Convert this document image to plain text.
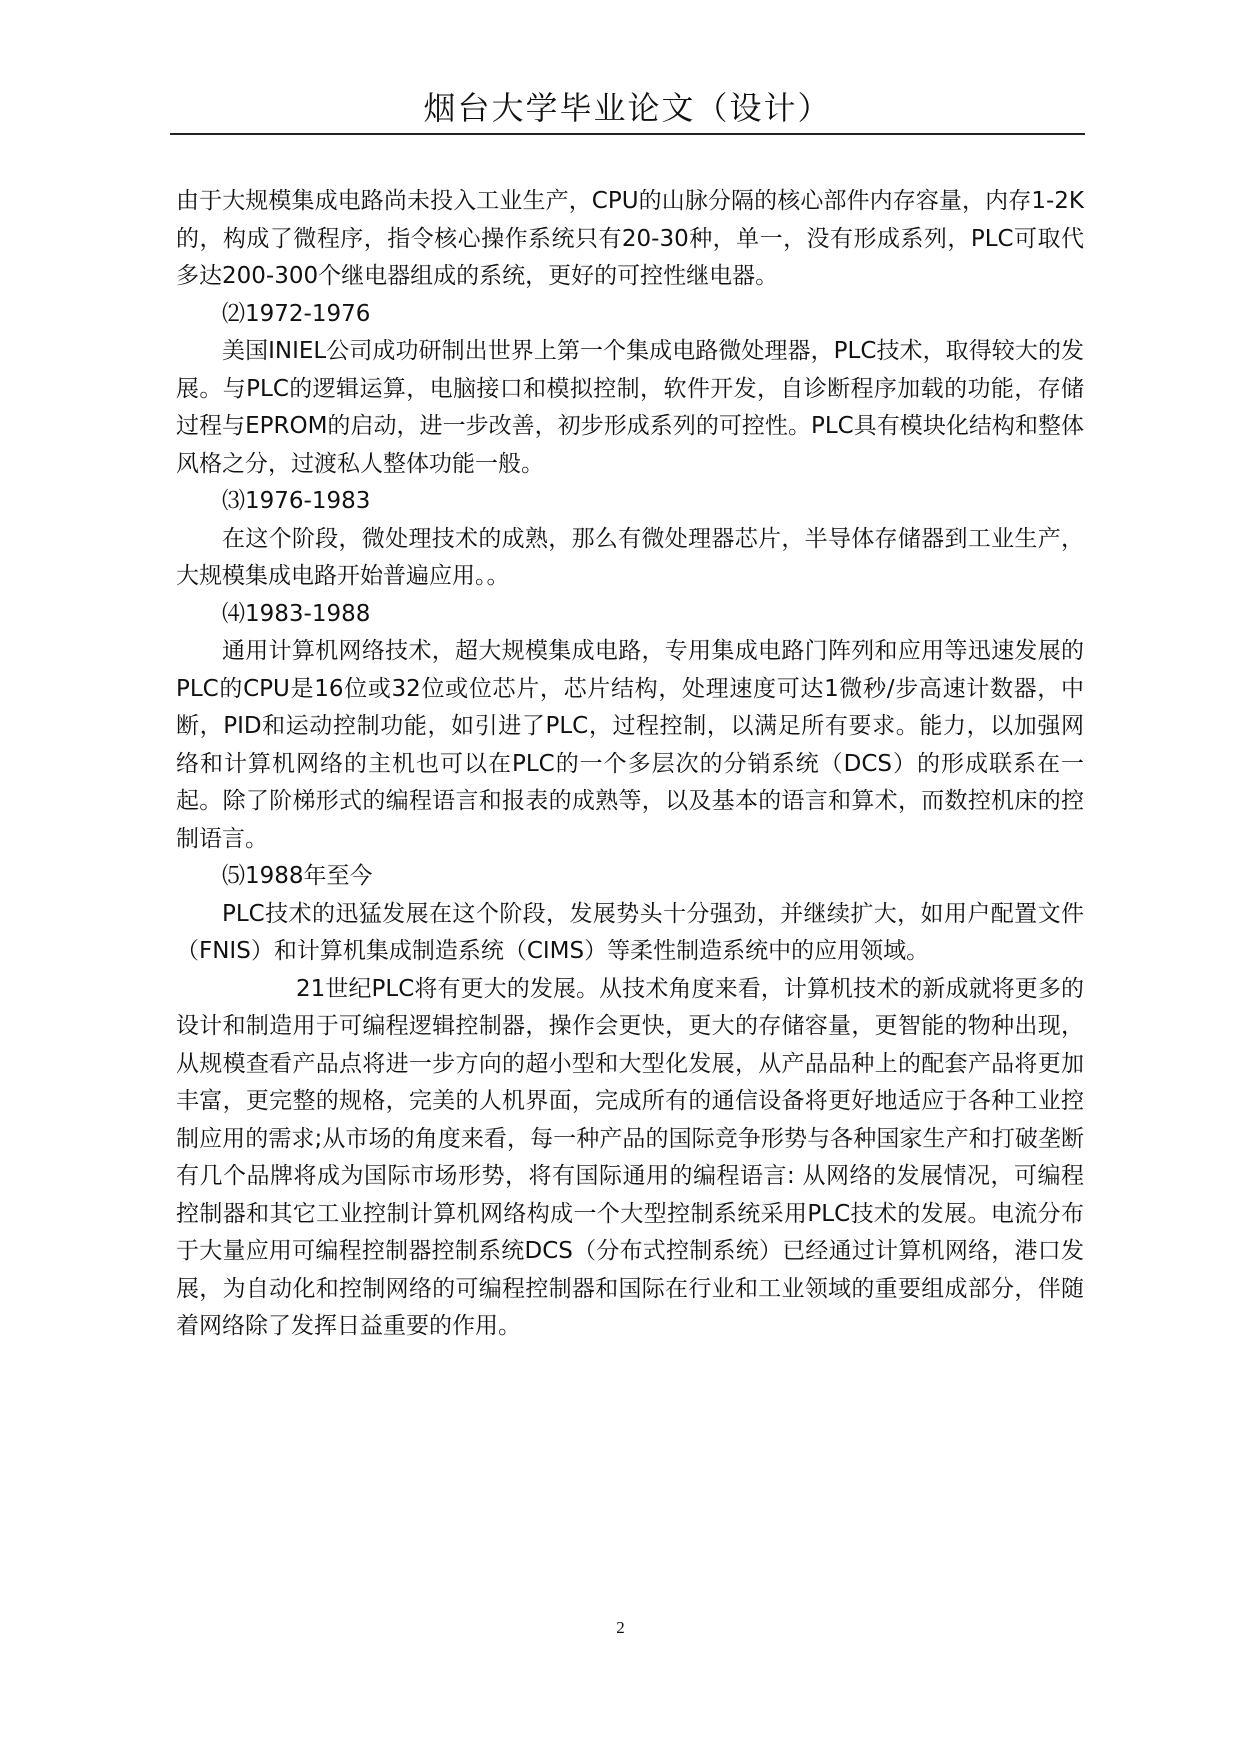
烟台大学毕业论文（设计）

由于大规模集成电路尚未投入工业生产，CPU的山脉分隔的核心部件内存容量，内存1-2K的，构成了微程序，指令核心操作系统只有20-30种，单一，没有形成系列，PLC可取代多达200-300个继电器组成的系统，更好的可控性继电器。

⑵1972-1976

美国INIEL公司成功研制出世界上第一个集成电路微处理器，PLC技术，取得较大的发展。与PLC的逻辑运算，电脑接口和模拟控制，软件开发，自诊断程序加载的功能，存储过程与EPROM的启动，进一步改善，初步形成系列的可控性。PLC具有模块化结构和整体风格之分，过渡私人整体功能一般。

⑶1976-1983

在这个阶段，微处理技术的成熟，那么有微处理器芯片，半导体存储器到工业生产，大规模集成电路开始普遍应用。。

⑷1983-1988

通用计算机网络技术，超大规模集成电路，专用集成电路门阵列和应用等迅速发展的PLC的CPU是16位或32位或位芯片，芯片结构，处理速度可达1微秒/步高速计数器，中断，PID和运动控制功能，如引进了PLC，过程控制，以满足所有要求。能力，以加强网络和计算机网络的主机也可以在PLC的一个多层次的分销系统（DCS）的形成联系在一起。除了阶梯形式的编程语言和报表的成熟等，以及基本的语言和算术，而数控机床的控制语言。

⑸1988年至今

PLC技术的迅猛发展在这个阶段，发展势头十分强劲，并继续扩大，如用户配置文件（FNIS）和计算机集成制造系统（CIMS）等柔性制造系统中的应用领域。

21世纪PLC将有更大的发展。从技术角度来看，计算机技术的新成就将更多的设计和制造用于可编程逻辑控制器，操作会更快，更大的存储容量，更智能的物种出现，从规模查看产品点将进一步方向的超小型和大型化发展，从产品品种上的配套产品将更加丰富，更完整的规格，完美的人机界面，完成所有的通信设备将更好地适应于各种工业控制应用的需求;从市场的角度来看，每一种产品的国际竞争形势与各种国家生产和打破垄断有几个品牌将成为国际市场形势，将有国际通用的编程语言: 从网络的发展情况，可编程控制器和其它工业控制计算机网络构成一个大型控制系统采用PLC技术的发展。电流分布于大量应用可编程控制器控制系统DCS（分布式控制系统）已经通过计算机网络，港口发展，为自动化和控制网络的可编程控制器和国际在行业和工业领域的重要组成部分，伴随着网络除了发挥日益重要的作用。

2
